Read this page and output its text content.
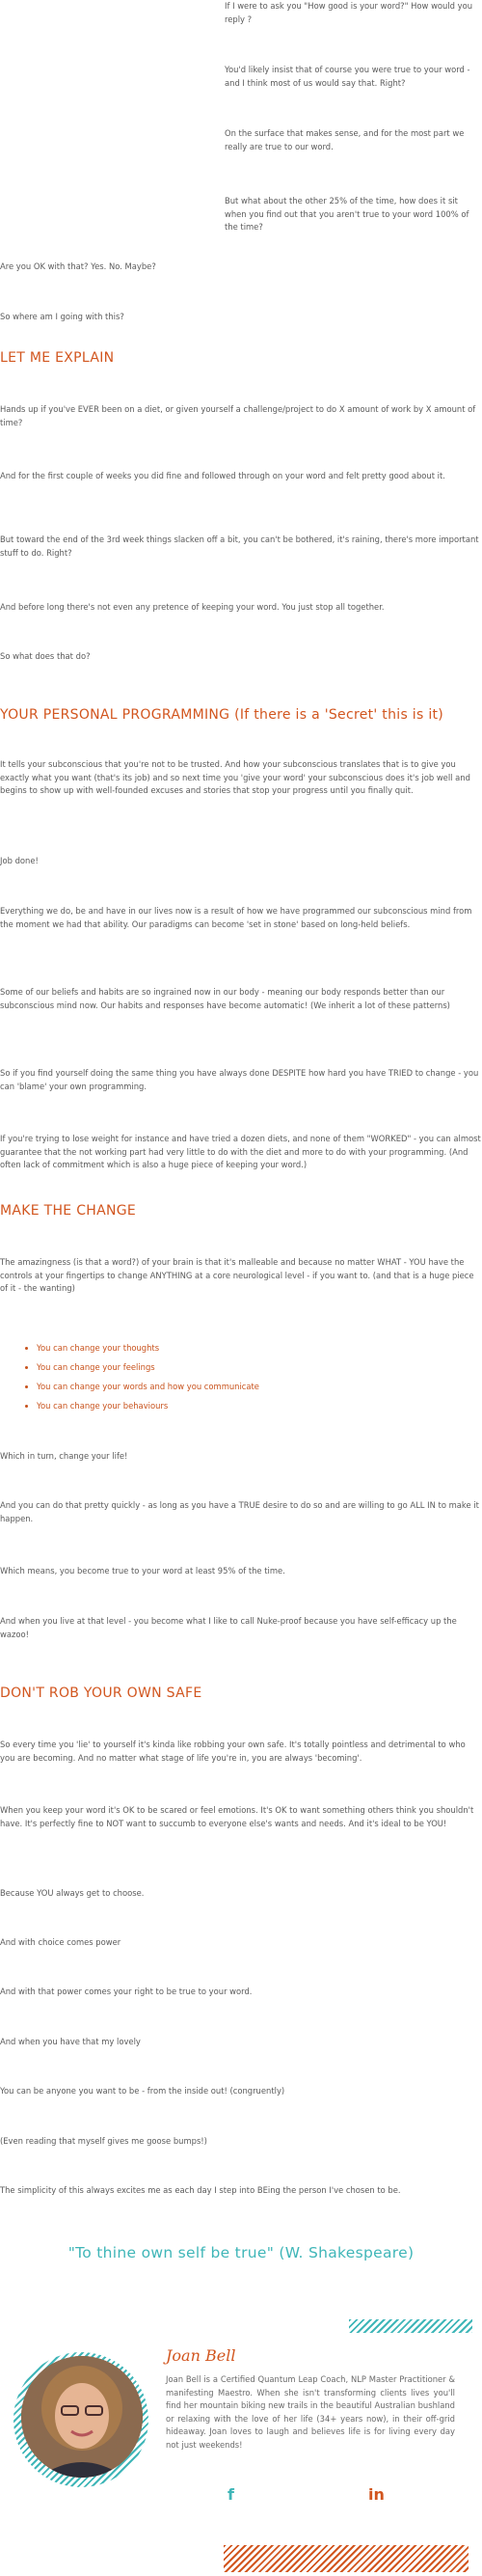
If I were to ask you "How good is your word?" How would you reply ?

You'd likely insist that of course you were true to your word - and I think most of us would say that. Right?

On the surface that makes sense, and for the most part we really are true to our word.

But what about the other 25% of the time, how does it sit when you find out that you aren't true to your word 100% of the time?

Are you OK with that? Yes. No. Maybe?

So where am I going with this?

LET ME EXPLAIN

Hands up if you've EVER been on a diet, or given yourself a challenge/project to do X amount of work by X amount of time?

And for the first couple of weeks you did fine and followed through on your word and felt pretty good about it.

But toward the end of the 3rd week things slacken off a bit, you can't be bothered, it's raining, there's more important stuff to do. Right?

And before long there's not even any pretence of keeping your word. You just stop all together.

So what does that do?

YOUR PERSONAL PROGRAMMING (If there is a 'Secret' this is it)

It tells your subconscious that you're not to be trusted. And how your subconscious translates that is to give you exactly what you want (that's its job) and so next time you 'give your word' your subconscious does it's job well and begins to show up with well-founded excuses and stories that stop your progress until you finally quit.

Job done!

Everything we do, be and have in our lives now is a result of how we have programmed our subconscious mind from the moment we had that ability. Our paradigms can become 'set in stone' based on long-held beliefs.

Some of our beliefs and habits are so ingrained now in our body - meaning our body responds better than our subconscious mind now. Our habits and responses have become automatic! (We inherit a lot of these patterns)

So if you find yourself doing the same thing you have always done DESPITE how hard you have TRIED to change - you can 'blame' your own programming.

If you're trying to lose weight for instance and have tried a dozen diets, and none of them "WORKED" - you can almost guarantee that the not working part had very little to do with the diet and more to do with your programming. (And often lack of commitment which is also a huge piece of keeping your word.)

MAKE THE CHANGE

The amazingness (is that a word?) of your brain is that it's malleable and because no matter WHAT - YOU have the controls at your fingertips to change ANYTHING at a core neurological level - if you want to. (and that is a huge piece of it - the wanting)

• You can change your thoughts
• You can change your feelings
• You can change your words and how you communicate
• You can change your behaviours

Which in turn, change your life!

And you can do that pretty quickly - as long as you have a TRUE desire to do so and are willing to go ALL IN to make it happen.

Which means, you become true to your word at least 95% of the time.

And when you live at that level - you become what I like to call Nuke-proof because you have self-efficacy up the wazoo!

DON'T ROB YOUR OWN SAFE

So every time you 'lie' to yourself it's kinda like robbing your own safe. It's totally pointless and detrimental to who you are becoming. And no matter what stage of life you're in, you are always 'becoming'.

When you keep your word it's OK to be scared or feel emotions. It's OK to want something others think you shouldn't have. It's perfectly fine to NOT want to succumb to everyone else's wants and needs. And it's ideal to be YOU!

Because YOU always get to choose.

And with choice comes power

And with that power comes your right to be true to your word.

And when you have that my lovely

You can be anyone you want to be - from the inside out! (congruently)

(Even reading that myself gives me goose bumps!)

The simplicity of this always excites me as each day I step into BEing the person I've chosen to be.

"To thine own self be true" (W. Shakespeare)

Joan Bell

Joan Bell is a Certified Quantum Leap Coach, NLP Master Practitioner & manifesting Maestro. When she isn't transforming clients lives you'll find her mountain biking new trails in the beautiful Australian bushland or relaxing with the love of her life (34+ years now), in their off-grid hideaway. Joan loves to laugh and believes life is for living every day not just weekends!

f	in
